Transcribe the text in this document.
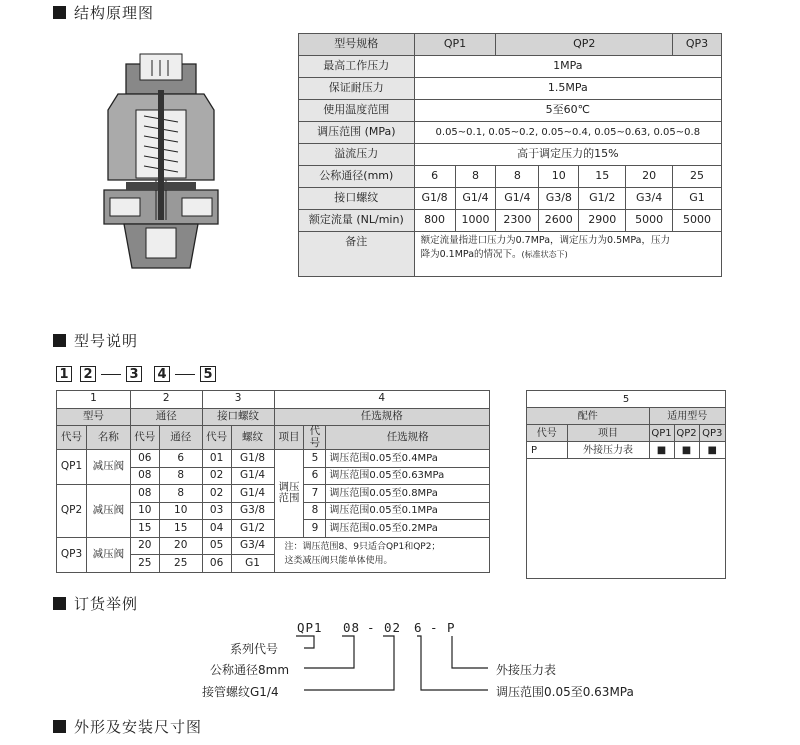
结构原理图
型号规格	QP1		QP2				QP3
最高工作压力	1MPa						
保证耐压力	1.5MPa						
使用温度范围	5至60℃						
调压范围 (MPa)	0.05~0.1, 0.05~0.2, 0.05~0.4, 0.05~0.63, 0.05~0.8						
溢流压力	高于调定压力的15%						
公称通径(mm)	6	8	8	10	15	20	25
接口螺纹	G1/8	G1/4	G1/4	G3/8	G1/2	G3/4	G1
额定流量 (NL/min)	800	1000	2300	2600	2900	5000	5000
备注	额定流量指进口压力为0.7MPa，调定压力为0.5MPa，压力
降为0.1MPa的情况下。(标准状态下)						
型号说明
1 2	3 4	5
1		2		3		4		
型号		通径		接口螺纹		任选规格		
代号	名称	代号	通径	代号	螺纹	项目	代号	任选规格
QP1	减压阀	06	6	01	G1/8	调压范围	5	调压范围0.05至0.4MPa
		08	8	02	G1/4		6	调压范围0.05至0.63MPa
QP2	减压阀	08	8	02	G1/4		7	调压范围0.05至0.8MPa
		10	10	03	G3/8		8	调压范围0.05至0.1MPa
		15	15	04	G1/2		9	调压范围0.05至0.2MPa
QP3	减压阀	20	20	05	G3/4	注：调压范围8、9只适合QP1和QP2；
这类减压阀只能单体使用。		

		25	25	06	G1			
5				
配件		适用型号		
代号	项目	QP1	QP2	QP3
P	外接压力表	■	■	■
订货举例
QP1 08 - 02 6 - P
系列代号
公称通径8mm
接管螺纹G1/4
外接压力表
调压范围0.05至0.63MPa
外形及安装尺寸图
